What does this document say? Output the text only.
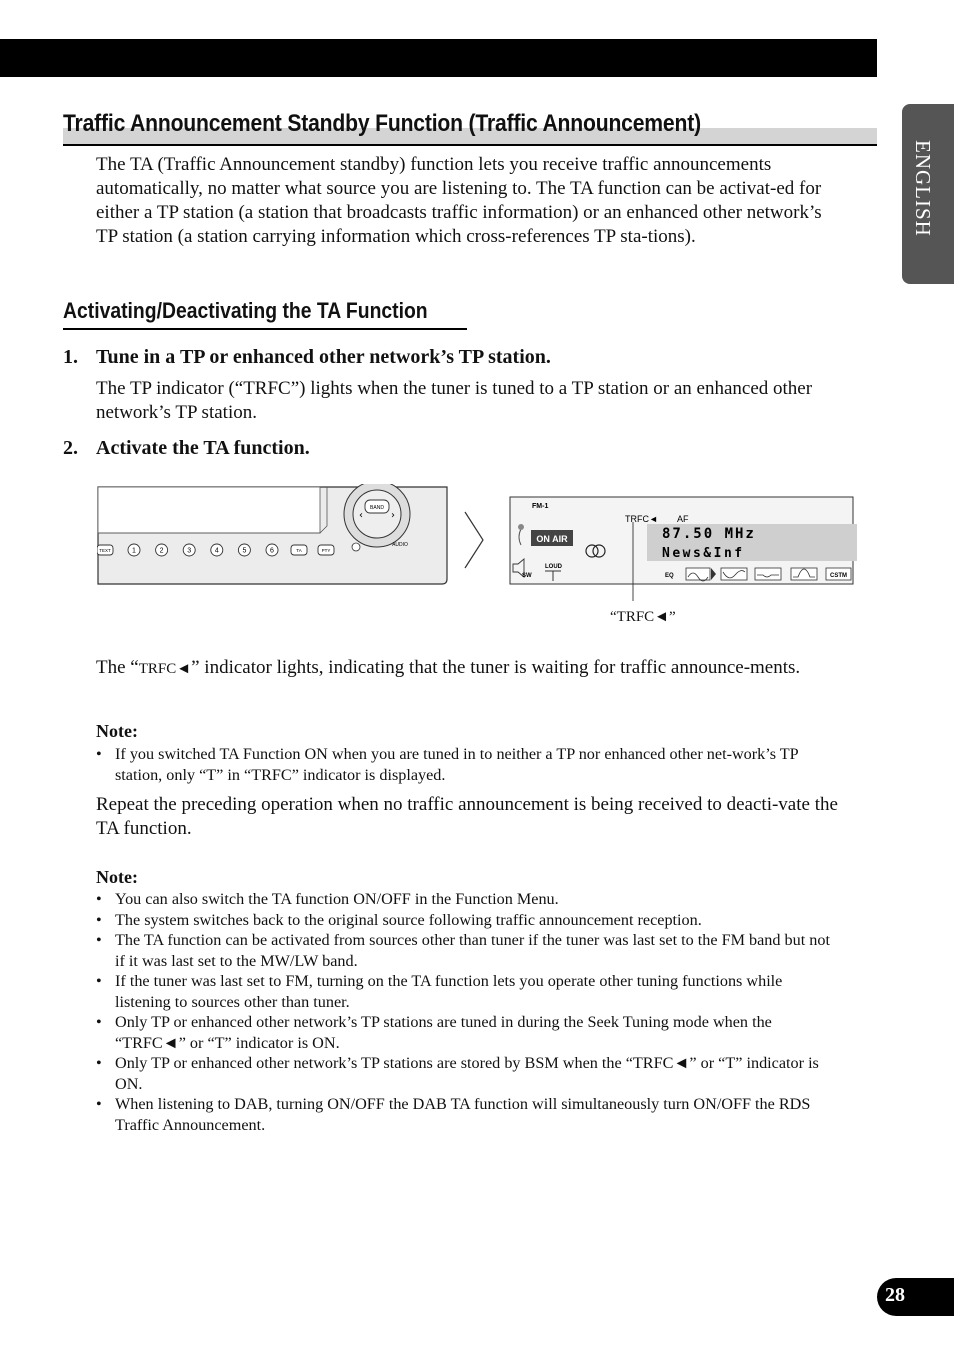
ENGLISH
Traffic Announcement Standby Function (Traffic Announcement)

The TA (Traffic Announcement standby) function lets you receive traffic announcements automatically, no matter what source you are listening to. The TA function can be activat-ed for either a TP station (a station that broadcasts traffic information) or an enhanced other network’s TP station (a station carrying information which cross-references TP sta-tions).

Activating/Deactivating the TA Function
1. Tune in a TP or enhanced other network’s TP station.

The TP indicator (“TRFC”) lights when the tuner is tuned to a TP station or an enhanced other network’s TP station.

2. Activate the TA function.
BAND
‹	›
AUDIO
TEXT	1	2	3	4	5	6	TA	PTY
FM-1
TRFC◄ AF
ON AIR	87.50 MHz
News&Inf
SW
LOUD
EQ	CSTM
“TRFC◄”

The “TRFC◄” indicator lights, indicating that the tuner is waiting for traffic announce-ments.

Note:
• If you switched TA Function ON when you are tuned in to neither a TP nor enhanced other net-work’s TP station, only “T” in “TRFC” indicator is displayed.

Repeat the preceding operation when no traffic announcement is being received to deacti-vate the TA function.

Note:
• You can also switch the TA function ON/OFF in the Function Menu.
• The system switches back to the original source following traffic announcement reception.
• The TA function can be activated from sources other than tuner if the tuner was last set to the FM band but not if it was last set to the MW/LW band.
• If the tuner was last set to FM, turning on the TA function lets you operate other tuning functions while listening to sources other than tuner.
• Only TP or enhanced other network’s TP stations are tuned in during the Seek Tuning mode when the “TRFC◄” or “T” indicator is ON.
• Only TP or enhanced other network’s TP stations are stored by BSM when the “TRFC◄” or “T” indicator is ON.
• When listening to DAB, turning ON/OFF the DAB TA function will simultaneously turn ON/OFF the RDS Traffic Announcement.
28
